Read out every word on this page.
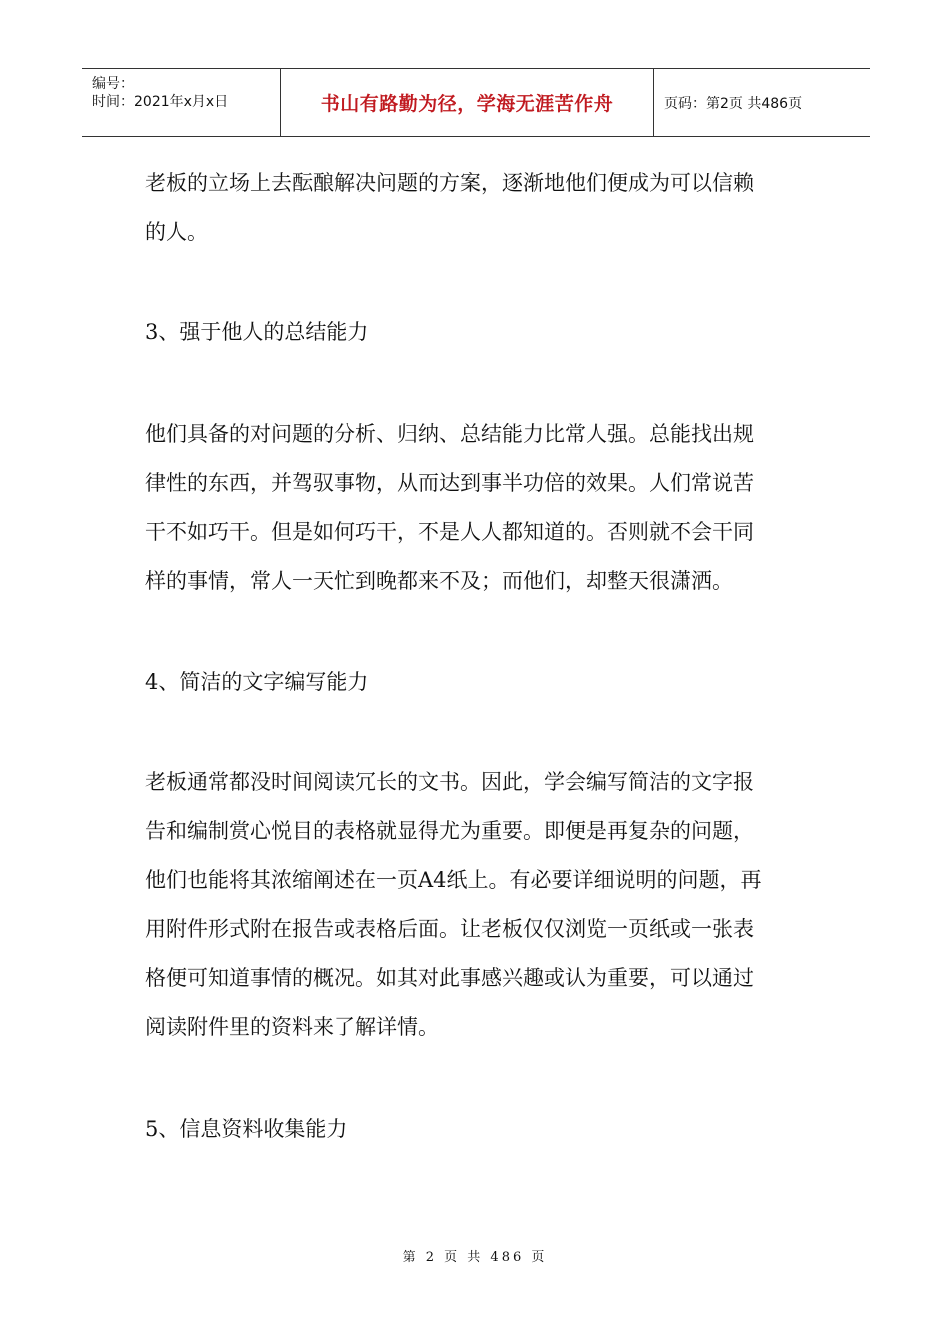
编号：
时间：2021年x月x日	书山有路勤为径，学海无涯苦作舟	页码：第2页 共486页
老板的立场上去酝酿解决问题的方案，逐渐地他们便成为可以信赖
的人。
3、强于他人的总结能力
他们具备的对问题的分析、归纳、总结能力比常人强。总能找出规
律性的东西，并驾驭事物，从而达到事半功倍的效果。人们常说苦
干不如巧干。但是如何巧干，不是人人都知道的。否则就不会干同
样的事情，常人一天忙到晚都来不及；而他们，却整天很潇洒。
4、简洁的文字编写能力
老板通常都没时间阅读冗长的文书。因此，学会编写简洁的文字报
告和编制赏心悦目的表格就显得尤为重要。即便是再复杂的问题，
他们也能将其浓缩阐述在一页A4纸上。有必要详细说明的问题，再
用附件形式附在报告或表格后面。让老板仅仅浏览一页纸或一张表
格便可知道事情的概况。如其对此事感兴趣或认为重要，可以通过
阅读附件里的资料来了解详情。
5、信息资料收集能力
第 2 页 共 486 页
